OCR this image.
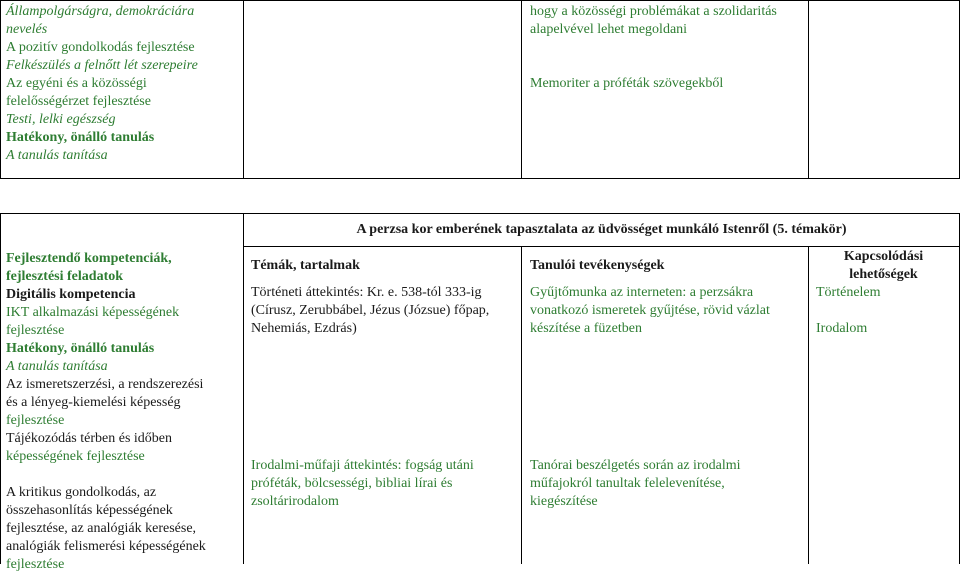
Állampolgárságra, demokráciára
nevelés
A pozitív gondolkodás fejlesztése
Felkészülés a felnőtt lét szerepeire
Az egyéni és a közösségi
felelősségérzet fejlesztése
Testi, lelki egészség
Hatékony, önálló tanulás
A tanulás tanítása
hogy a közösségi problémákat a szolidaritás
alapelvével lehet megoldani
Memoriter a próféták szövegekből
A perzsa kor emberének tapasztalata az üdvösséget munkáló Istenről (5. témakör)
Fejlesztendő kompetenciák,
fejlesztési feladatok
Digitális kompetencia
IKT alkalmazási képességének
fejlesztése
Hatékony, önálló tanulás
A tanulás tanítása
Az ismeretszerzési, a rendszerezési
és a lényeg-kiemelési képesség
fejlesztése
Tájékozódás térben és időben
képességének fejlesztése
A kritikus gondolkodás, az
összehasonlítás képességének
fejlesztése, az analógiák keresése,
analógiák felismerési képességének
fejlesztése
Témák, tartalmak	Tanulói tevékenységek
Kapcsolódási
lehetőségek
Történeti áttekintés: Kr. e. 538-tól 333-ig
(Círusz, Zerubbábel, Jézus (Józsue) főpap,
Nehemiás, Ezdrás)
Gyűjtőmunka az interneten: a perzsákra
vonatkozó ismeretek gyűjtése, rövid vázlat
készítése a füzetben
Történelem
Irodalom
Irodalmi-műfaji áttekintés: fogság utáni
próféták, bölcsességi, bibliai lírai és
zsoltárirodalom
Tanórai beszélgetés során az irodalmi
műfajokról tanultak felelevenítése,
kiegészítése
